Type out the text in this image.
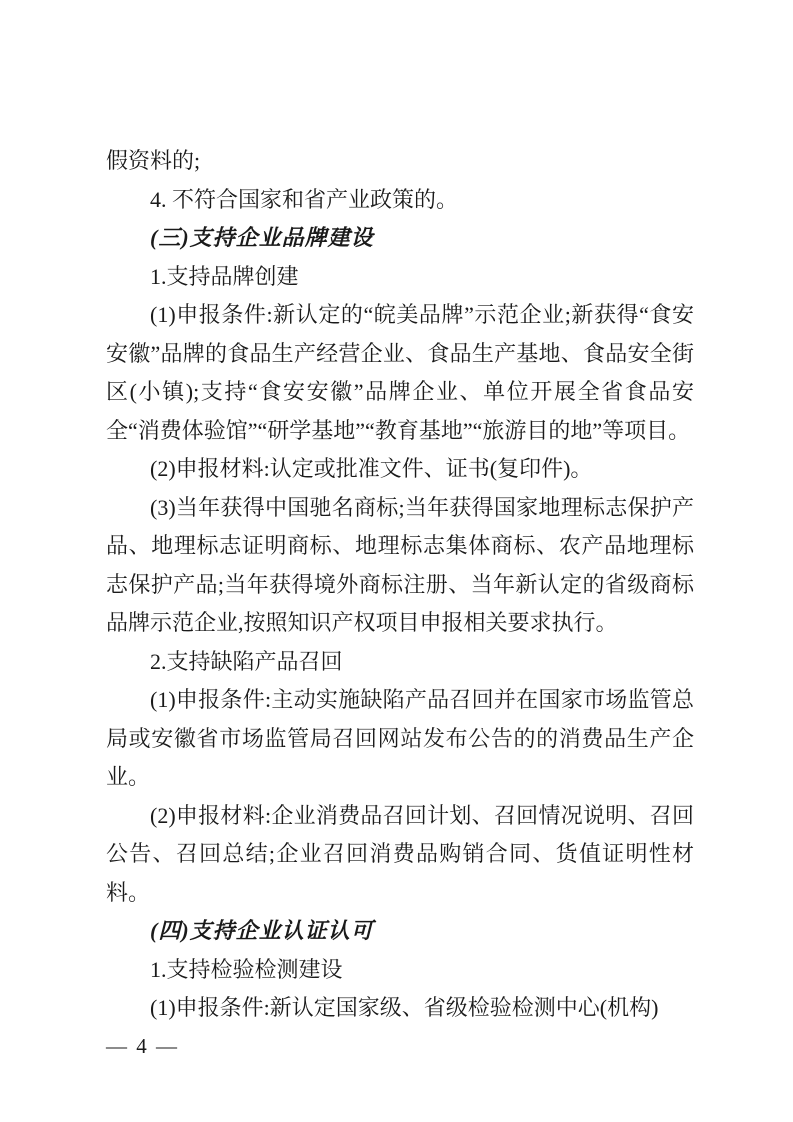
假资料的;

4. 不符合国家和省产业政策的。

(三)支持企业品牌建设

1.支持品牌创建

(1)申报条件:新认定的“皖美品牌”示范企业;新获得“食安安徽”品牌的食品生产经营企业、食品生产基地、食品安全街区(小镇);支持“食安安徽”品牌企业、单位开展全省食品安全“消费体验馆”“研学基地”“教育基地”“旅游目的地”等项目。

(2)申报材料:认定或批准文件、证书(复印件)。

(3)当年获得中国驰名商标;当年获得国家地理标志保护产品、地理标志证明商标、地理标志集体商标、农产品地理标志保护产品;当年获得境外商标注册、当年新认定的省级商标品牌示范企业,按照知识产权项目申报相关要求执行。

2.支持缺陷产品召回

(1)申报条件:主动实施缺陷产品召回并在国家市场监管总局或安徽省市场监管局召回网站发布公告的的消费品生产企业。

(2)申报材料:企业消费品召回计划、召回情况说明、召回公告、召回总结;企业召回消费品购销合同、货值证明性材料。

(四)支持企业认证认可

1.支持检验检测建设

(1)申报条件:新认定国家级、省级检验检测中心(机构)

— 4 —
